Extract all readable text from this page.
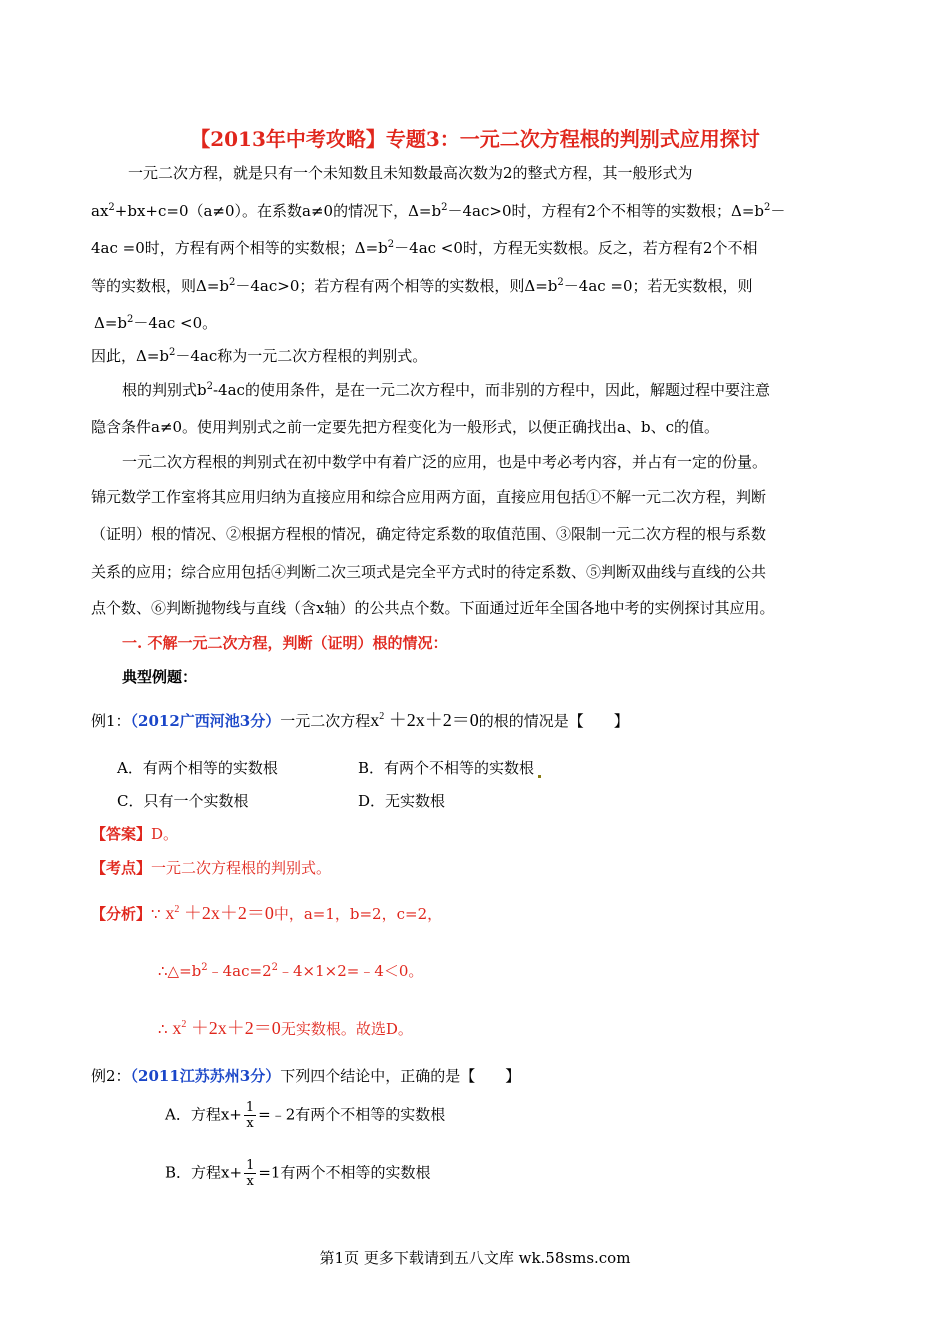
【2013年中考攻略】专题3：一元二次方程根的判别式应用探讨
一元二次方程，就是只有一个未知数且未知数最高次数为2的整式方程，其一般形式为
$ax^2+bx+c=0(a\ne 0)$。在系数a≠0的情况下，$\Delta=b^2-4ac>0$时，方程有2个不相等的实数根；$\Delta=b^2-$
4ac =0时，方程有两个相等的实数根；$\Delta=b^2-4ac <0$时，方程无实数根。反之，若方程有2个不相
等的实数根，则$\Delta=b^2-4ac>0$；若方程有两个相等的实数根，则$\Delta=b^2-4ac =0$；若无实数根，则
$\Delta=b^2-4ac <0$。
因此，$\Delta=b^2-4ac$称为一元二次方程根的判别式。
根的判别式$b^2-4ac$的使用条件，是在一元二次方程中，而非别的方程中，因此，解题过程中要注意
隐含条件a≠0。使用判别式之前一定要先把方程变化为一般形式，以便正确找出a、b、c的值。
一元二次方程根的判别式在初中数学中有着广泛的应用，也是中考必考内容，并占有一定的份量。
锦元数学工作室将其应用归纳为直接应用和综合应用两方面，直接应用包括①不解一元二次方程，判断
（证明）根的情况、②根据方程根的情况，确定待定系数的取值范围、③限制一元二次方程的根与系数
关系的应用；综合应用包括④判断二次三项式是完全平方式时的待定系数、⑤判断双曲线与直线的公共
点个数、⑥判断抛物线与直线（含x轴）的公共点个数。下面通过近年全国各地中考的实例探讨其应用。
一. 不解一元二次方程，判断（证明）根的情况：
典型例题：
例1：（2012广西河池3分）一元二次方程$x^2 +2x+2=0$的根的情况是【　　】
A．有两个相等的实数根	B．有两个不相等的实数根
C．只有一个实数根	D．无实数根
【答案】D。
【考点】一元二次方程根的判别式。
【分析】∵ $x^2 +2x+2=0$中，a=1，b=2，c=2，
$\therefore\triangle=b^2﹣4ac=2^2﹣4\times 1\times 2=﹣4<0$。
∴ $x^2 +2x+2=0$无实数根。故选D。
例2：（2011江苏苏州3分）下列四个结论中，正确的是【　　】
A．方程$x+ \frac{1}{x}$ =﹣2有两个不相等的实数根
B．方程$x+ \frac{1}{x} =1$有两个不相等的实数根
第1页 更多下载请到五八文库 wk.58sms.com
